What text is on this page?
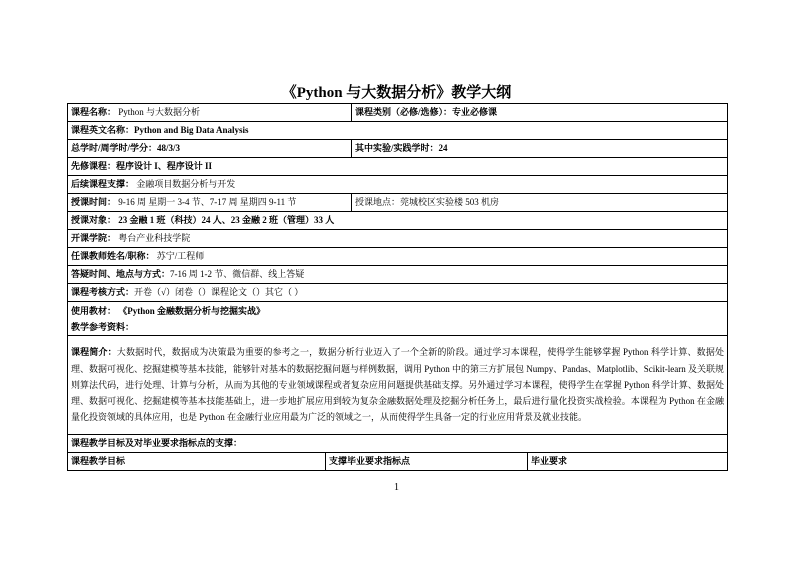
《Python 与大数据分析》教学大纲
课程名称： Python 与大数据分析		课程类别（必修/选修）：专业必修课	
课程英文名称：Python and Big Data Analysis			
总学时/周学时/学分：48/3/3		其中实验/实践学时：24	
先修课程：程序设计 I、程序设计 II			
后续课程支撑： 金融项目数据分析与开发			
授课时间： 9-16 周 星期一 3-4 节、7-17 周 星期四 9-11 节		授课地点：莞城校区实验楼 503 机房	
授课对象： 23 金融 1 班（科技）24 人、23 金融 2 班（管理）33 人			
开课学院： 粤台产业科技学院			
任课教师姓名/职称： 苏宁/工程师			
答疑时间、地点与方式：7-16 周 1-2 节、微信群、线上答疑			
课程考核方式：开卷（√）闭卷（）课程论文（）其它（ ）			

使用教材： 《Python 金融数据分析与挖掘实战》
教学参考资料：			

课程简介：大数据时代，数据成为决策最为重要的参考之一，数据分析行业迈入了一个全新的阶段。通过学习本课程，使得学生能够掌握 Python 科学计算、数据处理、数据可视化、挖掘建模等基本技能，能够针对基本的数据挖掘问题与样例数据，调用 Python 中的第三方扩展包 Numpy、Pandas、Matplotlib、Scikit-learn 及关联规则算法代码，进行处理、计算与分析，从而为其他的专业领域课程或者复杂应用问题提供基础支撑。另外通过学习本课程，使得学生在掌握 Python 科学计算、数据处理、数据可视化、挖掘建模等基本技能基础上，进一步地扩展应用到较为复杂金融数据处理及挖掘分析任务上，最后进行量化投资实战检验。本课程为 Python 在金融量化投资领域的具体应用，也是 Python 在金融行业应用最为广泛的领域之一，从而使得学生具备一定的行业应用背景及就业技能。			
课程教学目标及对毕业要求指标点的支撑：			
课程教学目标	支撑毕业要求指标点		毕业要求
1
